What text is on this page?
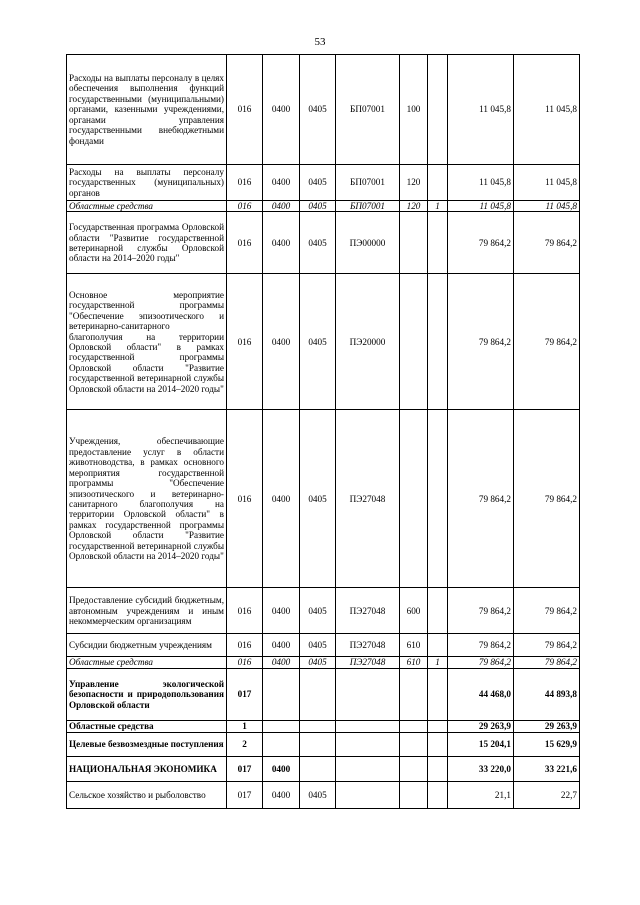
53
Расходы на выплаты персоналу в целях обеспечения выполнения функций государственными (муниципальными) органами, казенными учреждениями, органами управления государственными внебюджетными фондами	016	0400	0405	БП07001	100		11 045,8	11 045,8
Расходы на выплаты персоналу государственных (муниципальных) органов	016	0400	0405	БП07001	120		11 045,8	11 045,8
Областные средства	016	0400	0405	БП07001	120	1	11 045,8	11 045,8
Государственная программа Орловской области "Развитие государственной ветеринарной службы Орловской области на 2014–2020 годы"	016	0400	0405	ПЭ00000			79 864,2	79 864,2
Основное мероприятие государственной программы "Обеспечение эпизоотического и ветеринарно-санитарного благополучия на территории Орловской области" в рамках государственной программы Орловской области "Развитие государственной ветеринарной службы Орловской области на 2014–2020 годы"	016	0400	0405	ПЭ20000			79 864,2	79 864,2
Учреждения, обеспечивающие предоставление услуг в области животноводства, в рамках основного мероприятия государственной программы "Обеспечение эпизоотического и ветеринарно-санитарного благополучия на территории Орловской области" в рамках государственной программы Орловской области "Развитие государственной ветеринарной службы Орловской области на 2014–2020 годы"	016	0400	0405	ПЭ27048			79 864,2	79 864,2
Предоставление субсидий бюджетным, автономным учреждениям и иным некоммерческим организациям	016	0400	0405	ПЭ27048	600		79 864,2	79 864,2
Субсидии бюджетным учреждениям	016	0400	0405	ПЭ27048	610		79 864,2	79 864,2
Областные средства	016	0400	0405	ПЭ27048	610	1	79 864,2	79 864,2
Управление экологической безопасности и природопользования Орловской области	017						44 468,0	44 893,8
Областные средства	1						29 263,9	29 263,9
Целевые безвозмездные поступления	2						15 204,1	15 629,9
НАЦИОНАЛЬНАЯ ЭКОНОМИКА	017	0400					33 220,0	33 221,6
Сельское хозяйство и рыболовство	017	0400	0405				21,1	22,7
